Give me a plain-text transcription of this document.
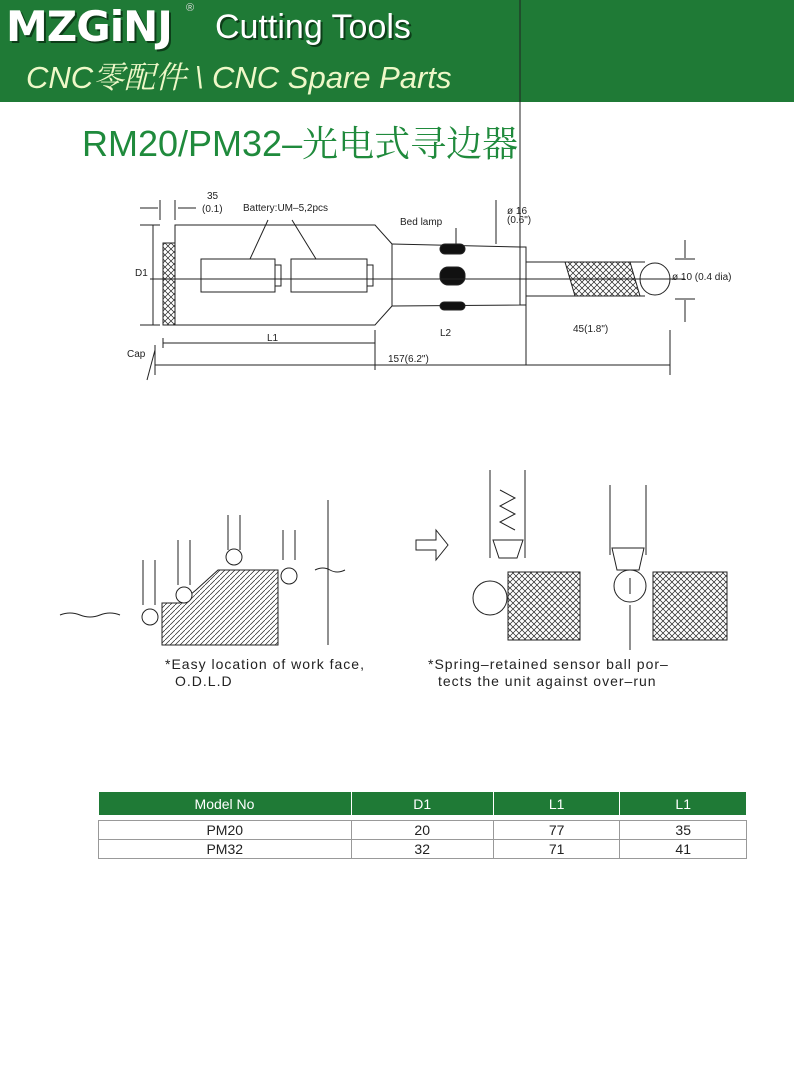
MZGiNJ ® Cutting Tools
CNC零配件 \ CNC Spare Parts
RM20/PM32–光电式寻边器
35
(0.1) Battery:UM–5,2pcs
Bed lamp
ø 16
(0.6")
ø 10 (0.4 dia)
D1
Cap
L1	L2	45(1.8")
157(6.2")
*Easy location of work face,
O.D.L.D
*Spring–retained sensor ball por–
tects the unit against over–run
Model No	D1	L1	L1

PM20	20	77	35
PM32	32	71	41
